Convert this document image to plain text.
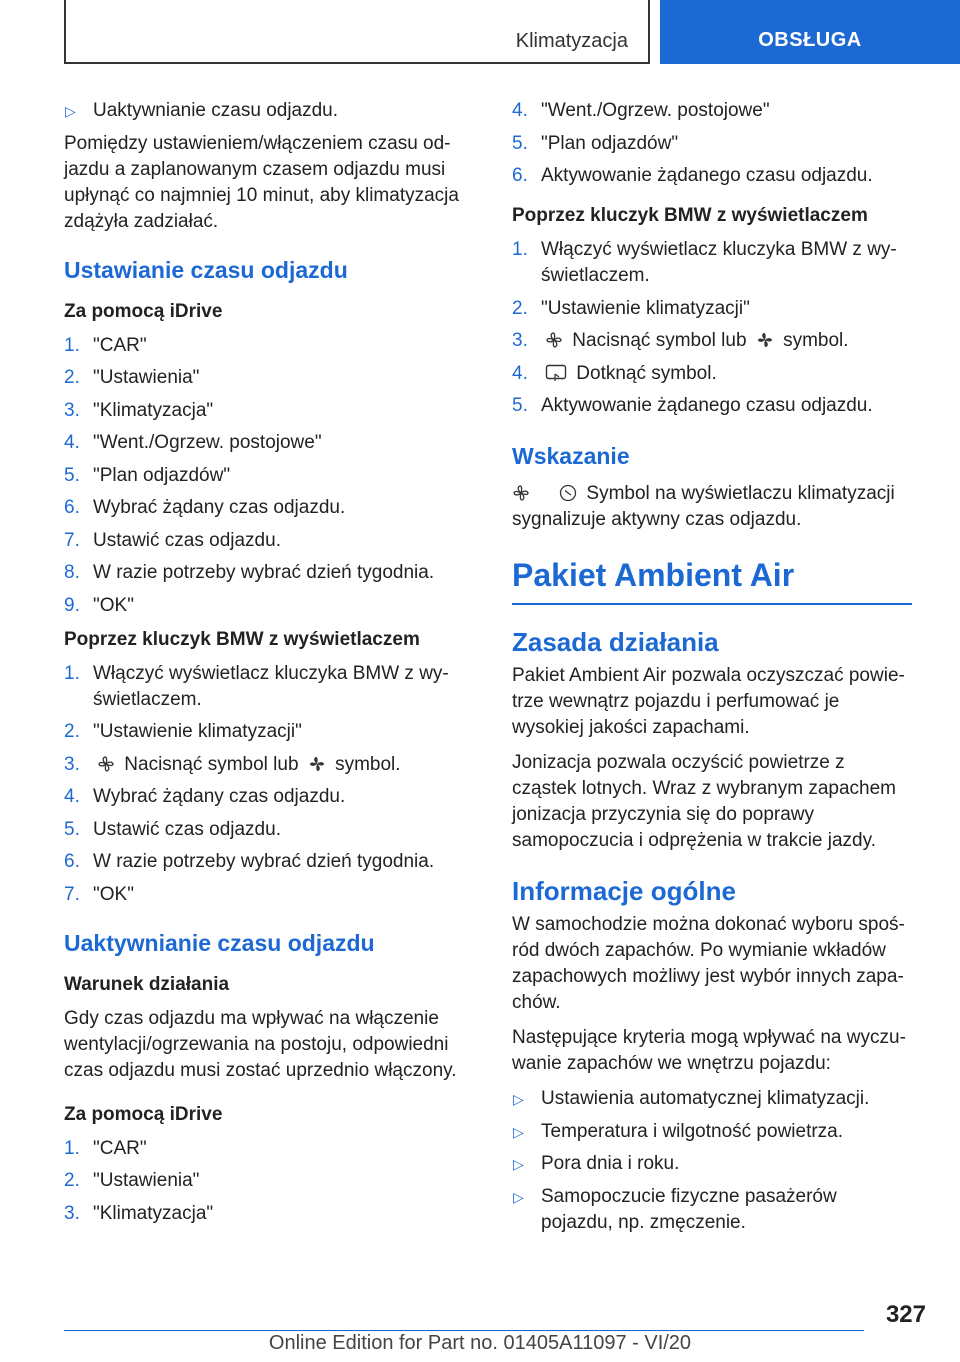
Klimatyzacja	OBSŁUGA
▷ Uaktywnianie czasu odjazdu.

Pomiędzy ustawieniem/włączeniem czasu odjazdu a zaplanowanym czasem odjazdu musi upłynąć co najmniej 10 minut, aby klimatyzacja zdążyła zadziałać.

Ustawianie czasu odjazdu
Za pomocą iDrive
1. "CAR"
2. "Ustawienia"
3. "Klimatyzacja"
4. "Went./Ogrzew. postojowe"
5. "Plan odjazdów"
6. Wybrać żądany czas odjazdu.
7. Ustawić czas odjazdu.
8. W razie potrzeby wybrać dzień tygodnia.
9. "OK"
Poprzez kluczyk BMW z wyświetlaczem
1. Włączyć wyświetlacz kluczyka BMW z wyświetlaczem.
2. "Ustawienie klimatyzacji"
3. Nacisnąć symbol lub symbol.
4. Wybrać żądany czas odjazdu.
5. Ustawić czas odjazdu.
6. W razie potrzeby wybrać dzień tygodnia.
7. "OK"
Uaktywnianie czasu odjazdu
Warunek działania

Gdy czas odjazdu ma wpływać na włączenie wentylacji/ogrzewania na postoju, odpowiedni czas odjazdu musi zostać uprzednio włączony.

Za pomocą iDrive
1. "CAR"
2. "Ustawienia"
3. "Klimatyzacja"
4. "Went./Ogrzew. postojowe"
5. "Plan odjazdów"
6. Aktywowanie żądanego czasu odjazdu.
Poprzez kluczyk BMW z wyświetlaczem
1. Włączyć wyświetlacz kluczyka BMW z wyświetlaczem.
2. "Ustawienie klimatyzacji"
3. Nacisnąć symbol lub symbol.
4.	Dotknąć symbol.
5. Aktywowanie żądanego czasu odjazdu.
Wskazanie

Symbol na wyświetlaczu klimatyzacji sygnalizuje aktywny czas odjazdu.

Pakiet Ambient Air
Zasada działania

Pakiet Ambient Air pozwala oczyszczać powietrze wewnątrz pojazdu i perfumować je wysokiej jakości zapachami.

Jonizacja pozwala oczyścić powietrze z cząstek lotnych. Wraz z wybranym zapachem jonizacja przyczynia się do poprawy samopoczucia i odprężenia w trakcie jazdy.

Informacje ogólne

W samochodzie można dokonać wyboru spośród dwóch zapachów. Po wymianie wkładów zapachowych możliwy jest wybór innych zapachów.

Następujące kryteria mogą wpływać na wyczuwanie zapachów we wnętrzu pojazdu:

▷ Ustawienia automatycznej klimatyzacji.
▷ Temperatura i wilgotność powietrza.
▷ Pora dnia i roku.
▷ Samopoczucie fizyczne pasażerów pojazdu, np. zmęczenie.
327
Online Edition for Part no. 01405A11097 - VI/20
